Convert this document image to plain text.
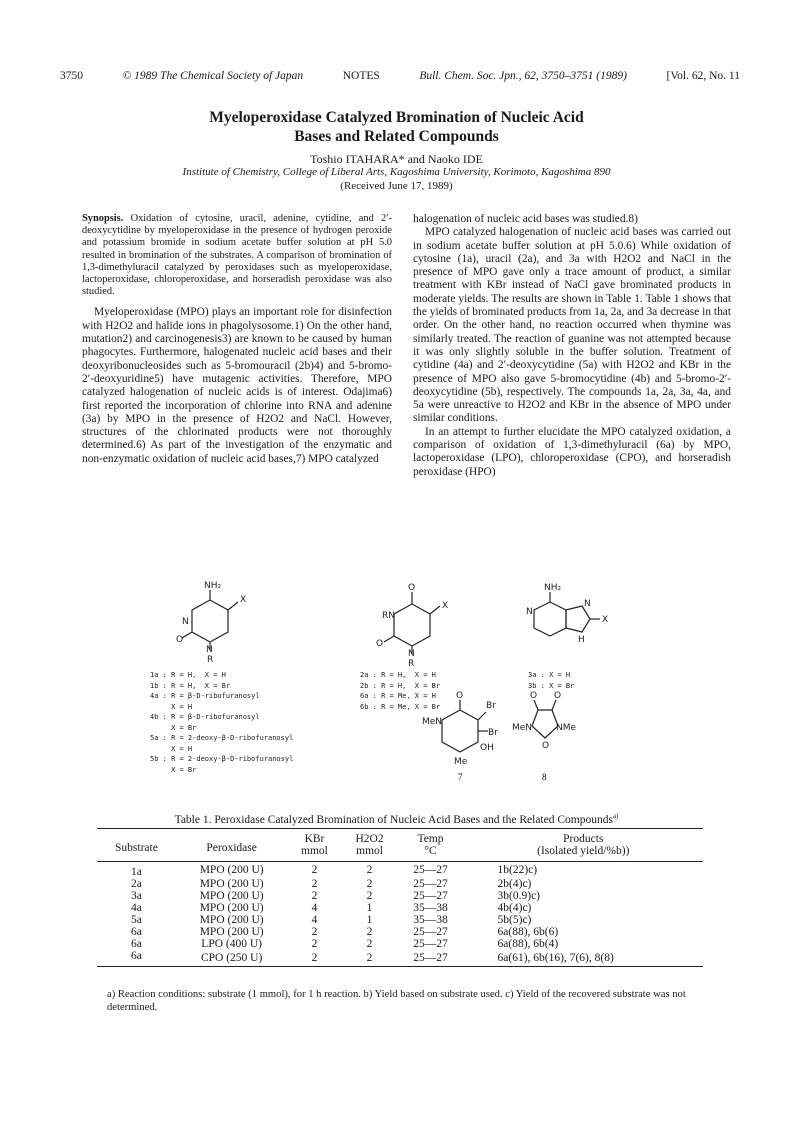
3750	© 1989 The Chemical Society of Japan	NOTES	Bull. Chem. Soc. Jpn., 62, 3750–3751 (1989)	[Vol. 62, No. 11
Myeloperoxidase Catalyzed Bromination of Nucleic Acid
Bases and Related Compounds
Toshio ITAHARA* and Naoko IDE
Institute of Chemistry, College of Liberal Arts, Kagoshima University, Korimoto, Kagoshima 890
(Received June 17, 1989)

Synopsis. Oxidation of cytosine, uracil, adenine, cytidine, and 2′-deoxycytidine by myeloperoxidase in the presence of hydrogen peroxide and potassium bromide in sodium acetate buffer solution at pH 5.0 resulted in bromination of the substrates. A comparison of bromination of 1,3-dimethyluracil catalyzed by peroxidases such as myeloperoxidase, lactoperoxidase, chloroperoxidase, and horseradish peroxidase was also studied.

Myeloperoxidase (MPO) plays an important role for disinfection with H2O2 and halide ions in phagolysosome.1) On the other hand, mutation2) and carcinogenesis3) are known to be caused by human phagocytes. Furthermore, halogenated nucleic acid bases and their deoxyribonucleosides such as 5-bromouracil (2b)4) and 5-bromo-2′-deoxyuridine5) have mutagenic activities. Therefore, MPO catalyzed halogenation of nucleic acids is of interest. Odajima6) first reported the incorporation of chlorine into RNA and adenine (3a) by MPO in the presence of H2O2 and NaCl. However, structures of the chlorinated products were not thoroughly determined.6) As part of the investigation of the enzymatic and non-enzymatic oxidation of nucleic acid bases,7) MPO catalyzed

halogenation of nucleic acid bases was studied.8)

MPO catalyzed halogenation of nucleic acid bases was carried out in sodium acetate buffer solution at pH 5.0.6) While oxidation of cytosine (1a), uracil (2a), and 3a with H2O2 and NaCl in the presence of MPO gave only a trace amount of product, a similar treatment with KBr instead of NaCl gave brominated products in moderate yields. The results are shown in Table 1. Table 1 shows that the yields of brominated products from 1a, 2a, and 3a decrease in that order. On the other hand, no reaction occurred when thymine was similarly treated. The reaction of guanine was not attempted because it was only slightly soluble in the buffer solution. Treatment of cytidine (4a) and 2′-deoxycytidine (5a) with H2O2 and KBr in the presence of MPO also gave 5-bromocytidine (4b) and 5-bromo-2′-deoxycytidine (5b), respectively. The compounds 1a, 2a, 3a, 4a, and 5a were unreactive to H2O2 and KBr in the absence of MPO under similar conditions.

In an attempt to further elucidate the MPO catalyzed oxidation, a comparison of oxidation of 1,3-dimethyluracil (6a) by MPO, lactoperoxidase (LPO), chloroperoxidase (CPO), and horseradish peroxidase (HPO)

NH₂
X
N
O
N
R
O
X
RN
O
N
R
NH₂
N
N
X
H
O
Br
Br
MeN
OH
Me
O O
MeN	NMe
O
7	8
1a : R = H,  X = H
1b : R = H,  X = Br
4a : R = β-D-ribofuranosyl
X = H
4b : R = β-D-ribofuranosyl
X = Br
5a : R = 2-deoxy-β-D-ribofuranosyl
X = H
5b : R = 2-deoxy-β-D-ribofuranosyl
X = Br
2a : R = H,  X = H
2b : R = H,  X = Br
6a : R = Me, X = H
6b : R = Me, X = Br
3a : X = H
3b : X = Br
Table 1. Peroxidase Catalyzed Bromination of Nucleic Acid Bases and the Related Compounds$^{a)}$
Substrate	Peroxidase	KBr	H2O2	Temp	Products
		mmol	mmol	°C	(Isolated yield/%b))
1a	MPO (200 U)	2	2	25—27	1b(22)c)
2a	MPO (200 U)	2	2	25—27	2b(4)c)
3a	MPO (200 U)	2	2	25—27	3b(0.9)c)
4a	MPO (200 U)	4	1	35—38	4b(4)c)
5a	MPO (200 U)	4	1	35—38	5b(5)c)
6a	MPO (200 U)	2	2	25—27	6a(88), 6b(6)
6a	LPO (400 U)	2	2	25—27	6a(88), 6b(4)
6a	CPO (250 U)	2	2	25—27	6a(61), 6b(16), 7(6), 8(8)
a) Reaction conditions: substrate (1 mmol), for 1 h reaction. b) Yield based on substrate used. c) Yield of the recovered substrate was not determined.
